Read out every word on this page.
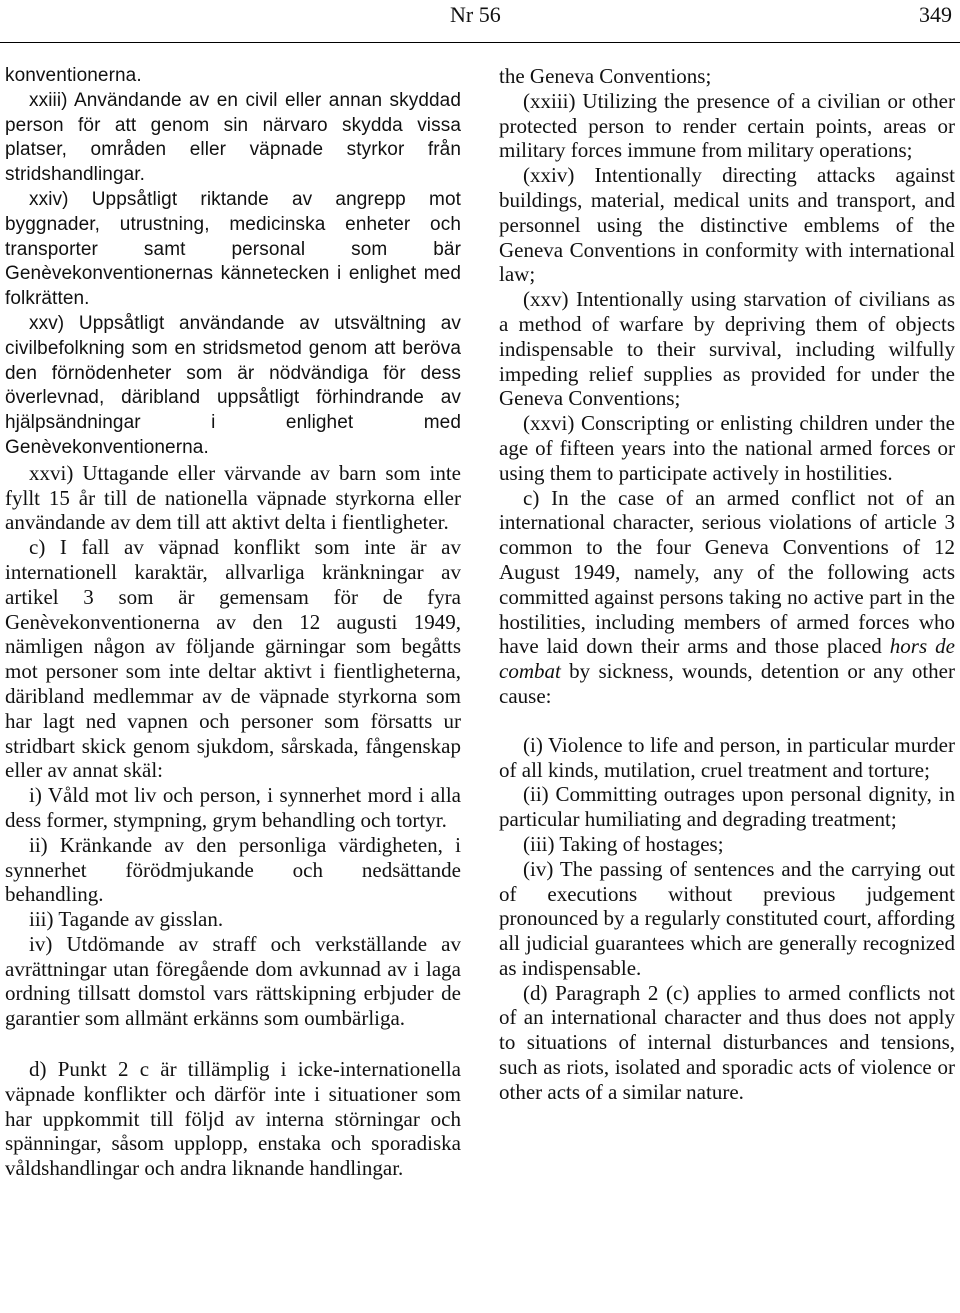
Nr 56	349

konventionerna.

xxiii) Användande av en civil eller annan skyddad person för att genom sin närvaro skydda vissa platser, områden eller väpnade styrkor från stridshandlingar.

xxiv) Uppsåtligt riktande av angrepp mot byggnader, utrustning, medicinska enheter och transporter samt personal som bär Genèvekonventionernas kännetecken i enlighet med folkrätten.

xxv) Uppsåtligt användande av utsvältning av civilbefolkning som en stridsmetod genom att beröva den förnödenheter som är nödvändiga för dess överlevnad, däribland uppsåtligt förhindrande av hjälpsändningar i enlighet med Genèvekonventionerna.

xxvi) Uttagande eller värvande av barn som inte fyllt 15 år till de nationella väpnade styrkorna eller användande av dem till att aktivt delta i fientligheter.

c) I fall av väpnad konflikt som inte är av internationell karaktär, allvarliga kränkningar av artikel 3 som är gemensam för de fyra Genèvekonventionerna av den 12 augusti 1949, nämligen någon av följande gärningar som begåtts mot personer som inte deltar aktivt i fientligheterna, däribland medlemmar av de väpnade styrkorna som har lagt ned vapnen och personer som försatts ur stridbart skick genom sjukdom, sårskada, fångenskap eller av annat skäl:

i) Våld mot liv och person, i synnerhet mord i alla dess former, stympning, grym behandling och tortyr.

ii) Kränkande av den personliga värdigheten, i synnerhet förödmjukande och nedsättande behandling.

iii) Tagande av gisslan.

iv) Utdömande av straff och verkställande av avrättningar utan föregående dom avkunnad av i laga ordning tillsatt domstol vars rättskipning erbjuder de garantier som allmänt erkänns som oumbärliga.

d) Punkt 2 c är tillämplig i icke-internationella väpnade konflikter och därför inte i situationer som har uppkommit till följd av interna störningar och spänningar, såsom upplopp, enstaka och sporadiska våldshandlingar och andra liknande handlingar.

the Geneva Conventions;

(xxiii) Utilizing the presence of a civilian or other protected person to render certain points, areas or military forces immune from military operations;

(xxiv) Intentionally directing attacks against buildings, material, medical units and transport, and personnel using the distinctive emblems of the Geneva Conventions in conformity with international law;

(xxv) Intentionally using starvation of civilians as a method of warfare by depriving them of objects indispensable to their survival, including wilfully impeding relief supplies as provided for under the Geneva Conventions;

(xxvi) Conscripting or enlisting children under the age of fifteen years into the national armed forces or using them to participate actively in hostilities.

c) In the case of an armed conflict not of an international character, serious violations of article 3 common to the four Geneva Conventions of 12 August 1949, namely, any of the following acts committed against persons taking no active part in the hostilities, including members of armed forces who have laid down their arms and those placed hors de combat by sickness, wounds, detention or any other cause:

(i) Violence to life and person, in particular murder of all kinds, mutilation, cruel treatment and torture;

(ii) Committing outrages upon personal dignity, in particular humiliating and degrading treatment;

(iii) Taking of hostages;

(iv) The passing of sentences and the carrying out of executions without previous judgement pronounced by a regularly constituted court, affording all judicial guarantees which are generally recognized as indispensable.

(d) Paragraph 2 (c) applies to armed conflicts not of an international character and thus does not apply to situations of internal disturbances and tensions, such as riots, isolated and sporadic acts of violence or other acts of a similar nature.
